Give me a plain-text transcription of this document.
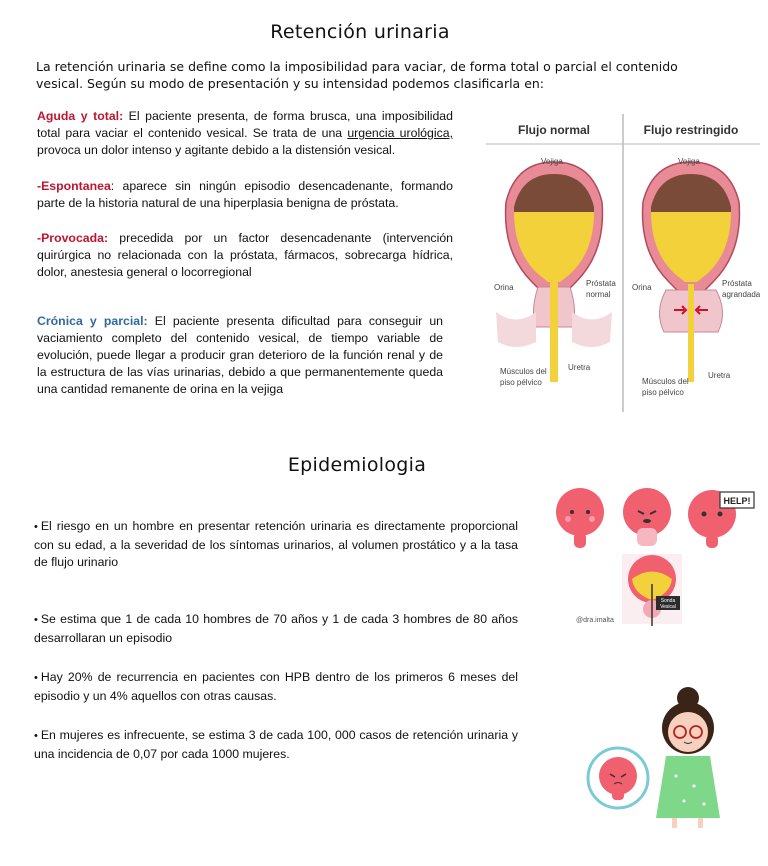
Retención urinaria
La retención urinaria se define como la imposibilidad para vaciar, de forma total o parcial el contenido vesical. Según su modo de presentación y su intensidad podemos clasificarla en:
Aguda y total: El paciente presenta, de forma brusca, una imposibilidad total para vaciar el contenido vesical. Se trata de una urgencia urológica, provoca un dolor intenso y agitante debido a la distensión vesical.
-Espontanea: aparece sin ningún episodio desencadenante, formando parte de la historia natural de una hiperplasia benigna de próstata.
-Provocada: precedida por un factor desencadenante (intervención quirúrgica no relacionada con la próstata, fármacos, sobrecarga hídrica, dolor, anestesia general o locorregional
Crónica y parcial: El paciente presenta dificultad para conseguir un vaciamiento completo del contenido vesical, de tiempo variable de evolución, puede llegar a producir gran deterioro de la función renal y de la estructura de las vías urinarias, debido a que permanentemente queda una cantidad remanente de orina en la vejiga
Flujo normal	Flujo restringido
Vejiga	Vejiga
Orina	Orina
Próstata
normal
Próstata
agrandada
Músculos del
piso pélvico	Músculos del
piso pélvico
Uretra
Uretra
Epidemiologia
• El riesgo en un hombre en presentar retención urinaria es directamente proporcional con su edad, a la severidad de los síntomas urinarios, al volumen prostático y a la tasa de flujo urinario
• Se estima que 1 de cada 10 hombres de 70 años y 1 de cada 3 hombres de 80 años desarrollaran un episodio
• Hay 20% de recurrencia en pacientes con HPB dentro de los primeros 6 meses del episodio y un 4% aquellos con otras causas.
• En mujeres es infrecuente, se estima 3 de cada 100, 000 casos de retención urinaria y una incidencia de 0,07 por cada 1000 mujeres.
HELP!
Sonda
Vesical
@dra.imalta
